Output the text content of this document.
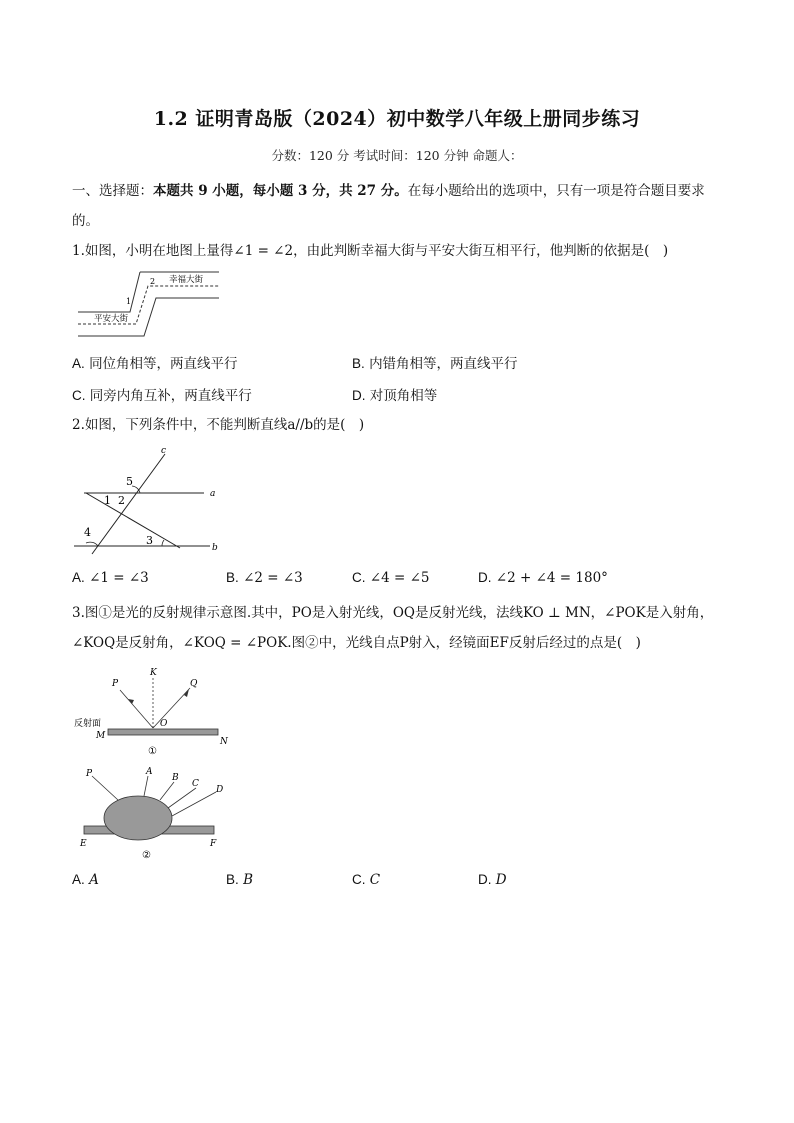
1.2 证明青岛版（2024）初中数学八年级上册同步练习
分数：120 分 考试时间：120 分钟 命题人：
一、选择题：本题共 9 小题，每小题 3 分，共 27 分。在每小题给出的选项中，只有一项是符合题目要求的。
1.如图，小明在地图上量得∠1 = ∠2，由此判断幸福大街与平安大街互相平行，他判断的依据是(　)
幸福大街
平安大街
1
2
A. 同位角相等，两直线平行	B. 内错角相等，两直线平行
C. 同旁内角互补，两直线平行	D. 对顶角相等
2.如图，下列条件中，不能判断直线a//b的是(　)
c
a
b
5
1 2
4
3
A. ∠1 = ∠3	B. ∠2 = ∠3	C. ∠4 = ∠5	D. ∠2 + ∠4 = 180°
3.图①是光的反射规律示意图.其中，PO是入射光线，OQ是反射光线，法线KO ⊥ MN，∠POK是入射角，
∠KOQ是反射角，∠KOQ = ∠POK.图②中，光线自点P射入，经镜面EF反射后经过的点是(　)
P
K
Q
O
反射面
M
N
①
P	A
B
C
D
E	F
②
A. A	B. B	C. C	D. D
